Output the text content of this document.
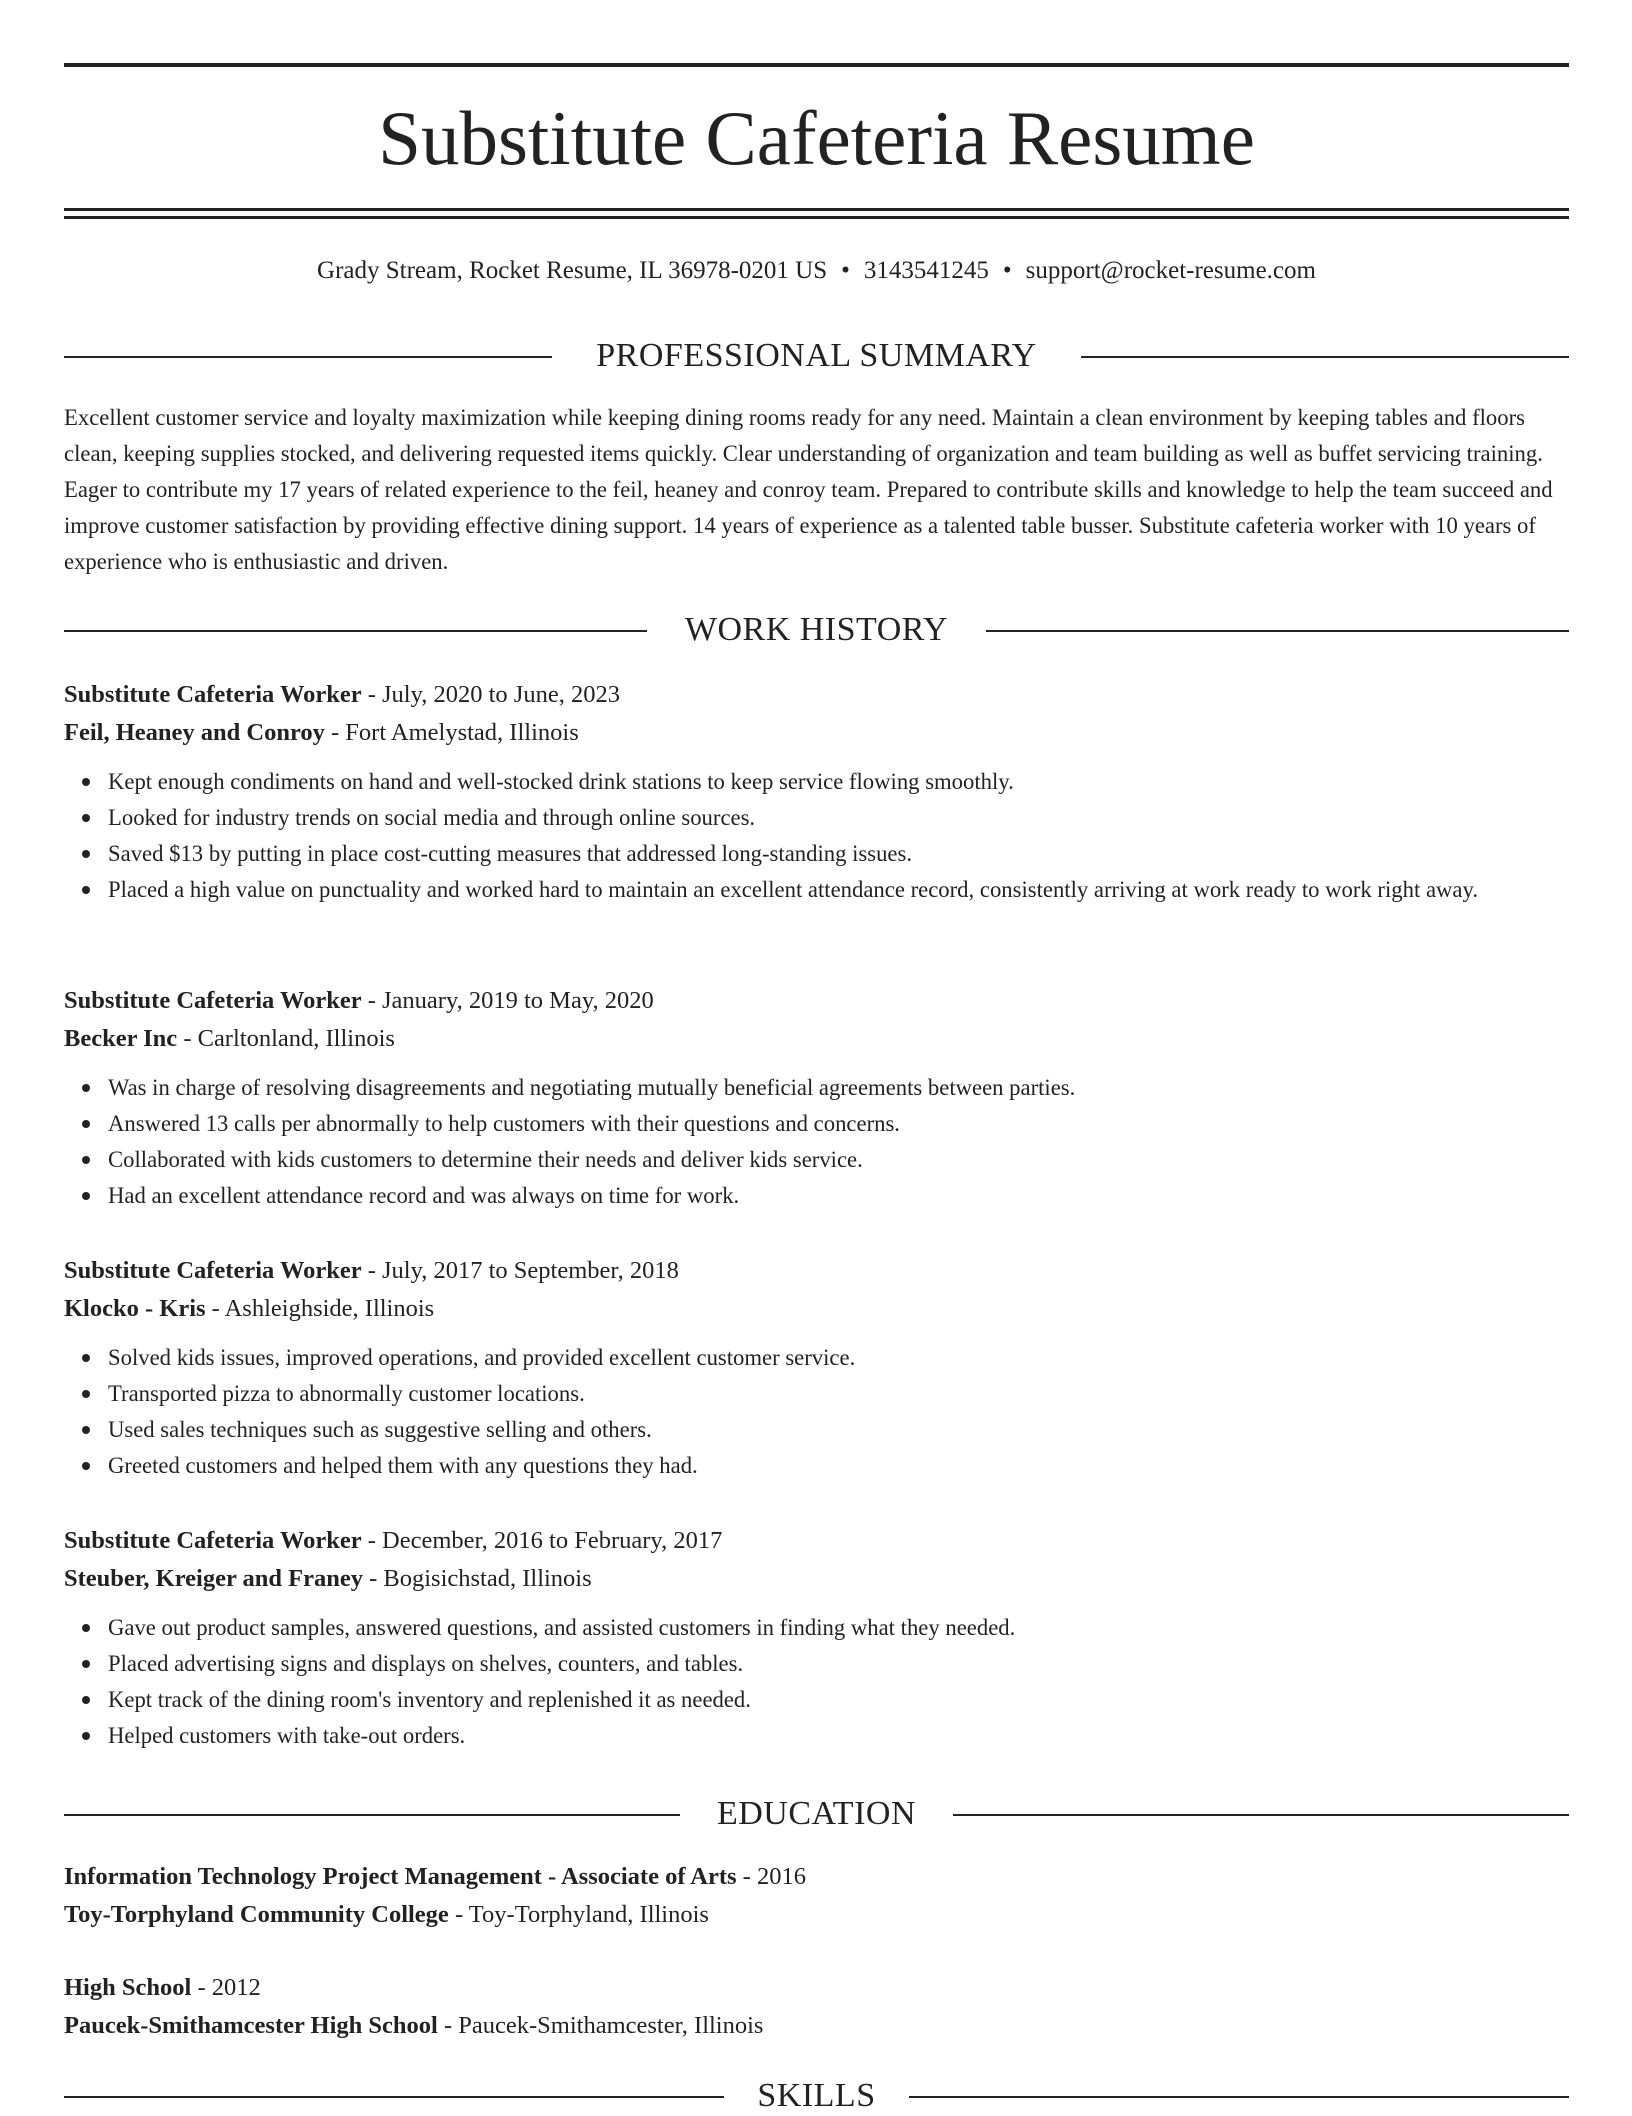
Substitute Cafeteria Resume
Grady Stream, Rocket Resume, IL 36978-0201 US • 3143541245 • support@rocket-resume.com
PROFESSIONAL SUMMARY

Excellent customer service and loyalty maximization while keeping dining rooms ready for any need. Maintain a clean environment by keeping tables and floors clean, keeping supplies stocked, and delivering requested items quickly. Clear understanding of organization and team building as well as buffet servicing training. Eager to contribute my 17 years of related experience to the feil, heaney and conroy team. Prepared to contribute skills and knowledge to help the team succeed and improve customer satisfaction by providing effective dining support. 14 years of experience as a talented table busser. Substitute cafeteria worker with 10 years of experience who is enthusiastic and driven.

WORK HISTORY
Substitute Cafeteria Worker - July, 2020 to June, 2023
Feil, Heaney and Conroy - Fort Amelystad, Illinois
Kept enough condiments on hand and well-stocked drink stations to keep service flowing smoothly.
Looked for industry trends on social media and through online sources.
Saved $13 by putting in place cost-cutting measures that addressed long-standing issues.
Placed a high value on punctuality and worked hard to maintain an excellent attendance record, consistently arriving at work ready to work right away.
Substitute Cafeteria Worker - January, 2019 to May, 2020
Becker Inc - Carltonland, Illinois
Was in charge of resolving disagreements and negotiating mutually beneficial agreements between parties.
Answered 13 calls per abnormally to help customers with their questions and concerns.
Collaborated with kids customers to determine their needs and deliver kids service.
Had an excellent attendance record and was always on time for work.
Substitute Cafeteria Worker - July, 2017 to September, 2018
Klocko - Kris - Ashleighside, Illinois
Solved kids issues, improved operations, and provided excellent customer service.
Transported pizza to abnormally customer locations.
Used sales techniques such as suggestive selling and others.
Greeted customers and helped them with any questions they had.
Substitute Cafeteria Worker - December, 2016 to February, 2017
Steuber, Kreiger and Franey - Bogisichstad, Illinois
Gave out product samples, answered questions, and assisted customers in finding what they needed.
Placed advertising signs and displays on shelves, counters, and tables.
Kept track of the dining room's inventory and replenished it as needed.
Helped customers with take-out orders.
EDUCATION
Information Technology Project Management - Associate of Arts - 2016
Toy-Torphyland Community College - Toy-Torphyland, Illinois
High School - 2012
Paucek-Smithamcester High School - Paucek-Smithamcester, Illinois
SKILLS
